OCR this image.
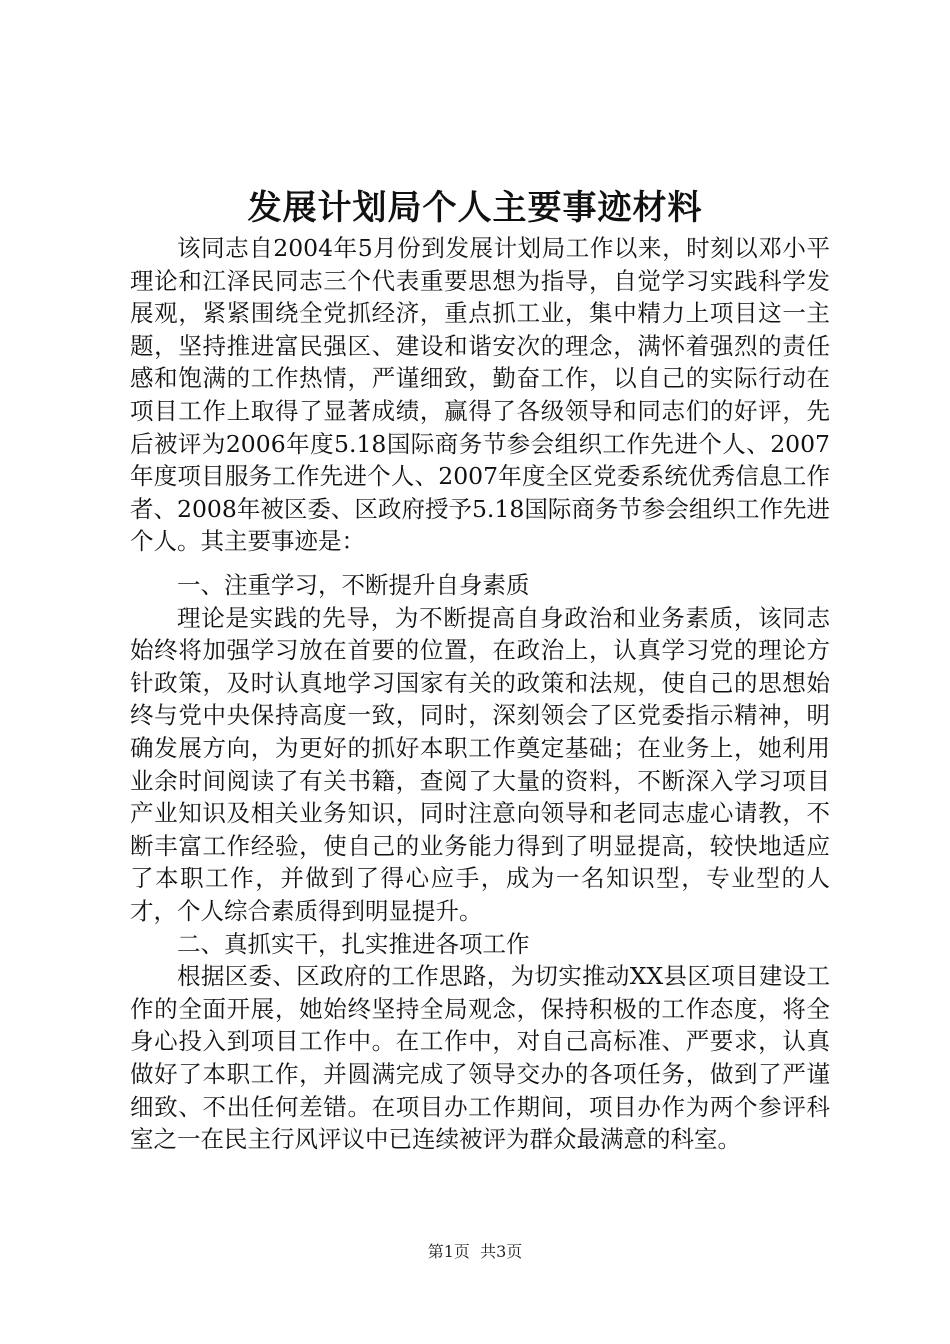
发展计划局个人主要事迹材料

该同志自2004年5月份到发展计划局工作以来，时刻以邓小平理论和江泽民同志三个代表重要思想为指导，自觉学习实践科学发展观，紧紧围绕全党抓经济，重点抓工业，集中精力上项目这一主题，坚持推进富民强区、建设和谐安次的理念，满怀着强烈的责任感和饱满的工作热情，严谨细致，勤奋工作，以自己的实际行动在项目工作上取得了显著成绩，赢得了各级领导和同志们的好评，先后被评为2006年度5.18国际商务节参会组织工作先进个人、2007年度项目服务工作先进个人、2007年度全区党委系统优秀信息工作者、2008年被区委、区政府授予5.18国际商务节参会组织工作先进个人。其主要事迹是：

一、注重学习，不断提升自身素质

理论是实践的先导，为不断提高自身政治和业务素质，该同志始终将加强学习放在首要的位置，在政治上，认真学习党的理论方针政策，及时认真地学习国家有关的政策和法规，使自己的思想始终与党中央保持高度一致，同时，深刻领会了区党委指示精神，明确发展方向，为更好的抓好本职工作奠定基础；在业务上，她利用业余时间阅读了有关书籍，查阅了大量的资料，不断深入学习项目产业知识及相关业务知识，同时注意向领导和老同志虚心请教，不断丰富工作经验，使自己的业务能力得到了明显提高，较快地适应了本职工作，并做到了得心应手，成为一名知识型，专业型的人才，个人综合素质得到明显提升。

二、真抓实干，扎实推进各项工作

根据区委、区政府的工作思路，为切实推动XX县区项目建设工作的全面开展，她始终坚持全局观念，保持积极的工作态度，将全身心投入到项目工作中。在工作中，对自己高标准、严要求，认真做好了本职工作，并圆满完成了领导交办的各项任务，做到了严谨细致、不出任何差错。在项目办工作期间，项目办作为两个参评科室之一在民主行风评议中已连续被评为群众最满意的科室。

第1页 共3页
